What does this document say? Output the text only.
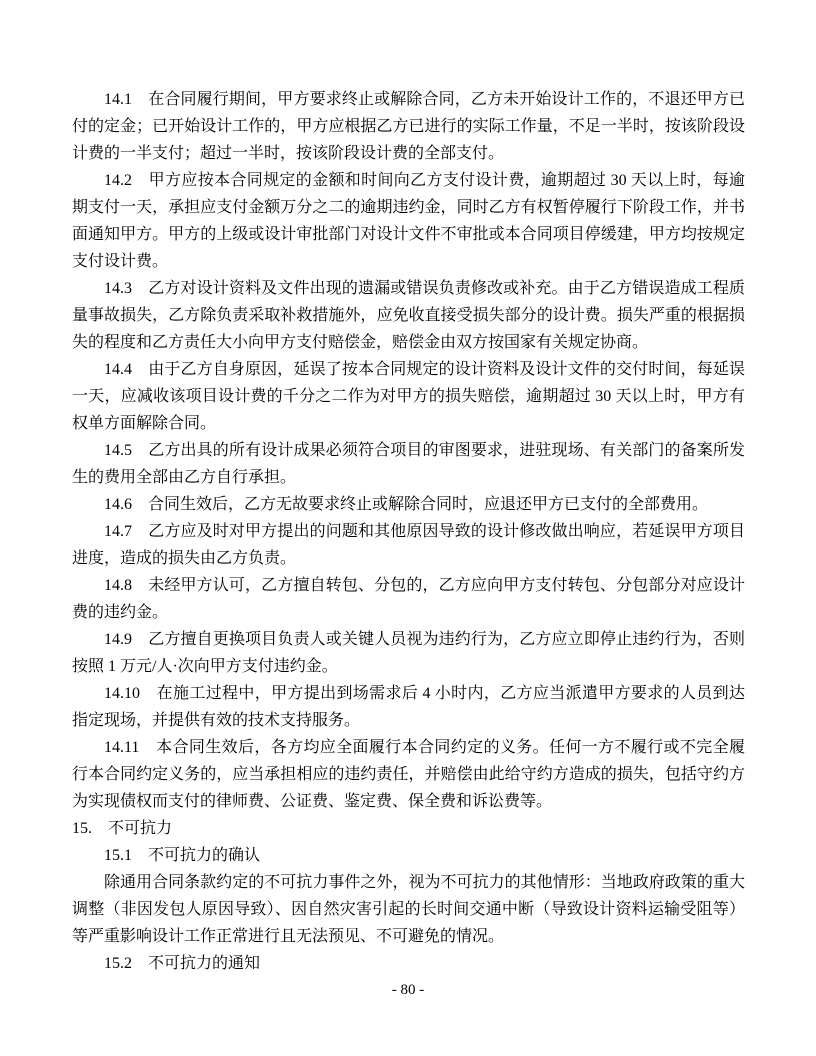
14.1　在合同履行期间，甲方要求终止或解除合同，乙方未开始设计工作的，不退还甲方已付的定金；已开始设计工作的，甲方应根据乙方已进行的实际工作量，不足一半时，按该阶段设计费的一半支付；超过一半时，按该阶段设计费的全部支付。

14.2　甲方应按本合同规定的金额和时间向乙方支付设计费，逾期超过 30 天以上时，每逾期支付一天，承担应支付金额万分之二的逾期违约金，同时乙方有权暂停履行下阶段工作，并书面通知甲方。甲方的上级或设计审批部门对设计文件不审批或本合同项目停缓建，甲方均按规定支付设计费。

14.3　乙方对设计资料及文件出现的遗漏或错误负责修改或补充。由于乙方错误造成工程质量事故损失，乙方除负责采取补救措施外，应免收直接受损失部分的设计费。损失严重的根据损失的程度和乙方责任大小向甲方支付赔偿金，赔偿金由双方按国家有关规定协商。

14.4　由于乙方自身原因，延误了按本合同规定的设计资料及设计文件的交付时间，每延误一天，应减收该项目设计费的千分之二作为对甲方的损失赔偿，逾期超过 30 天以上时，甲方有权单方面解除合同。

14.5　乙方出具的所有设计成果必须符合项目的审图要求，进驻现场、有关部门的备案所发生的费用全部由乙方自行承担。

14.6　合同生效后，乙方无故要求终止或解除合同时，应退还甲方已支付的全部费用。

14.7　乙方应及时对甲方提出的问题和其他原因导致的设计修改做出响应，若延误甲方项目进度，造成的损失由乙方负责。

14.8　未经甲方认可，乙方擅自转包、分包的，乙方应向甲方支付转包、分包部分对应设计费的违约金。

14.9　乙方擅自更换项目负责人或关键人员视为违约行为，乙方应立即停止违约行为，否则按照 1 万元/人·次向甲方支付违约金。

14.10　在施工过程中，甲方提出到场需求后 4 小时内，乙方应当派遣甲方要求的人员到达指定现场，并提供有效的技术支持服务。

14.11　本合同生效后，各方均应全面履行本合同约定的义务。任何一方不履行或不完全履行本合同约定义务的，应当承担相应的违约责任，并赔偿由此给守约方造成的损失，包括守约方为实现债权而支付的律师费、公证费、鉴定费、保全费和诉讼费等。

15.　不可抗力

15.1　不可抗力的确认

除通用合同条款约定的不可抗力事件之外，视为不可抗力的其他情形：当地政府政策的重大调整（非因发包人原因导致）、因自然灾害引起的长时间交通中断（导致设计资料运输受阻等）等严重影响设计工作正常进行且无法预见、不可避免的情况。

15.2　不可抗力的通知

- 80 -
